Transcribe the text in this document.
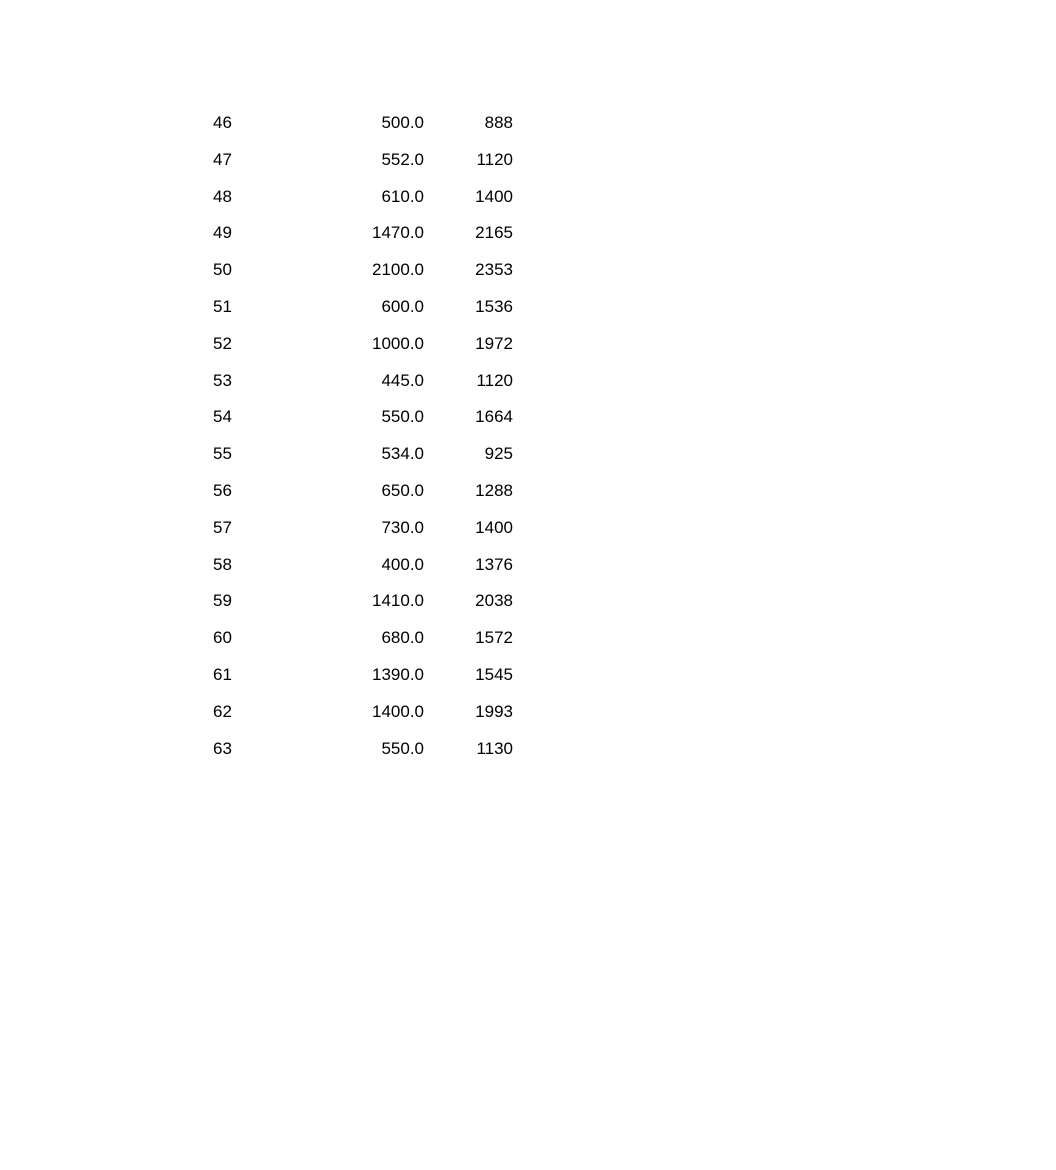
46	500.0	888
47	552.0	1120
48	610.0	1400
49	1470.0	2165
50	2100.0	2353
51	600.0	1536
52	1000.0	1972
53	445.0	1120
54	550.0	1664
55	534.0	925
56	650.0	1288
57	730.0	1400
58	400.0	1376
59	1410.0	2038
60	680.0	1572
61	1390.0	1545
62	1400.0	1993
63	550.0	1130
